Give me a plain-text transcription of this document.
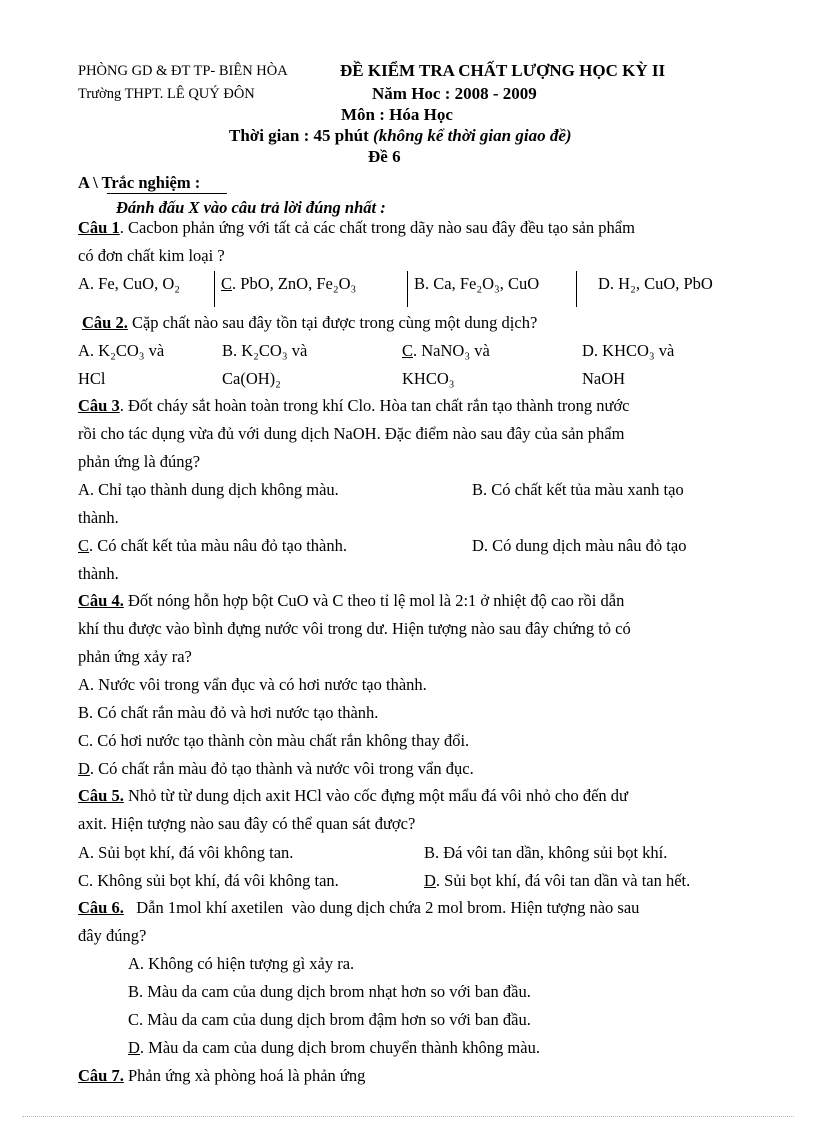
PHÒNG GD & ĐT TP- BIÊN HÒA	ĐỀ KIỂM TRA CHẤT LƯỢNG HỌC KỲ II
Trường THPT. LÊ QUÝ ĐÔN	Năm Hoc : 2008 - 2009
Môn : Hóa Học
Thời gian : 45 phút (không kể thời gian giao đề)
Đề 6
A \ Trắc nghiệm :
Đánh đấu X vào câu trả lời đúng nhất :
Câu 1. Cacbon phản ứng với tất cả các chất trong dãy nào sau đây đều tạo sản phẩm
có đơn chất kim loại ?
A. Fe, CuO, O₂ C. PbO, ZnO, Fe₂O₃	B. Ca, Fe₂O₃, CuO	D. H₂, CuO, PbO
Câu 2. Cặp chất nào sau đây tồn tại được trong cùng một dung dịch?
A. K₂CO₃ và	B. K₂CO₃ và	C. NaNO₃ và	D. KHCO₃ và
HCl	Ca(OH)₂	KHCO₃	NaOH
Câu 3. Đốt cháy sắt hoàn toàn trong khí Clo. Hòa tan chất rắn tạo thành trong nước
rồi cho tác dụng vừa đủ với dung dịch NaOH. Đặc điểm nào sau đây của sản phẩm
phản ứng là đúng?
A. Chỉ tạo thành dung dịch không màu.	B. Có chất kết tủa màu xanh tạo
thành.
C. Có chất kết tủa màu nâu đỏ tạo thành.	D. Có dung dịch màu nâu đỏ tạo
thành.
Câu 4. Đốt nóng hỗn hợp bột CuO và C theo tỉ lệ mol là 2:1 ở nhiệt độ cao rồi dẫn
khí thu được vào bình đựng nước vôi trong dư. Hiện tượng nào sau đây chứng tỏ có
phản ứng xảy ra?
A. Nước vôi trong vẩn đục và có hơi nước tạo thành.
B. Có chất rắn màu đỏ và hơi nước tạo thành.
C. Có hơi nước tạo thành còn màu chất rắn không thay đổi.
D. Có chất rắn màu đỏ tạo thành và nước vôi trong vẩn đục.
Câu 5. Nhỏ từ từ dung dịch axit HCl vào cốc đựng một mẩu đá vôi nhỏ cho đến dư
axit. Hiện tượng nào sau đây có thể quan sát được?
A. Sủi bọt khí, đá vôi không tan.	B. Đá vôi tan dần, không sủi bọt khí.
C. Không sủi bọt khí, đá vôi không tan.	D. Sủi bọt khí, đá vôi tan dần và tan hết.
Câu 6.   Dẫn 1mol khí axetilen  vào dung dịch chứa 2 mol brom. Hiện tượng nào sau
đây đúng?
A. Không có hiện tượng gì xảy ra.
B. Màu da cam của dung dịch brom nhạt hơn so với ban đầu.
C. Màu da cam của dung dịch brom đậm hơn so với ban đầu.
D. Màu da cam của dung dịch brom chuyển thành không màu.
Câu 7. Phản ứng xà phòng hoá là phản ứng
